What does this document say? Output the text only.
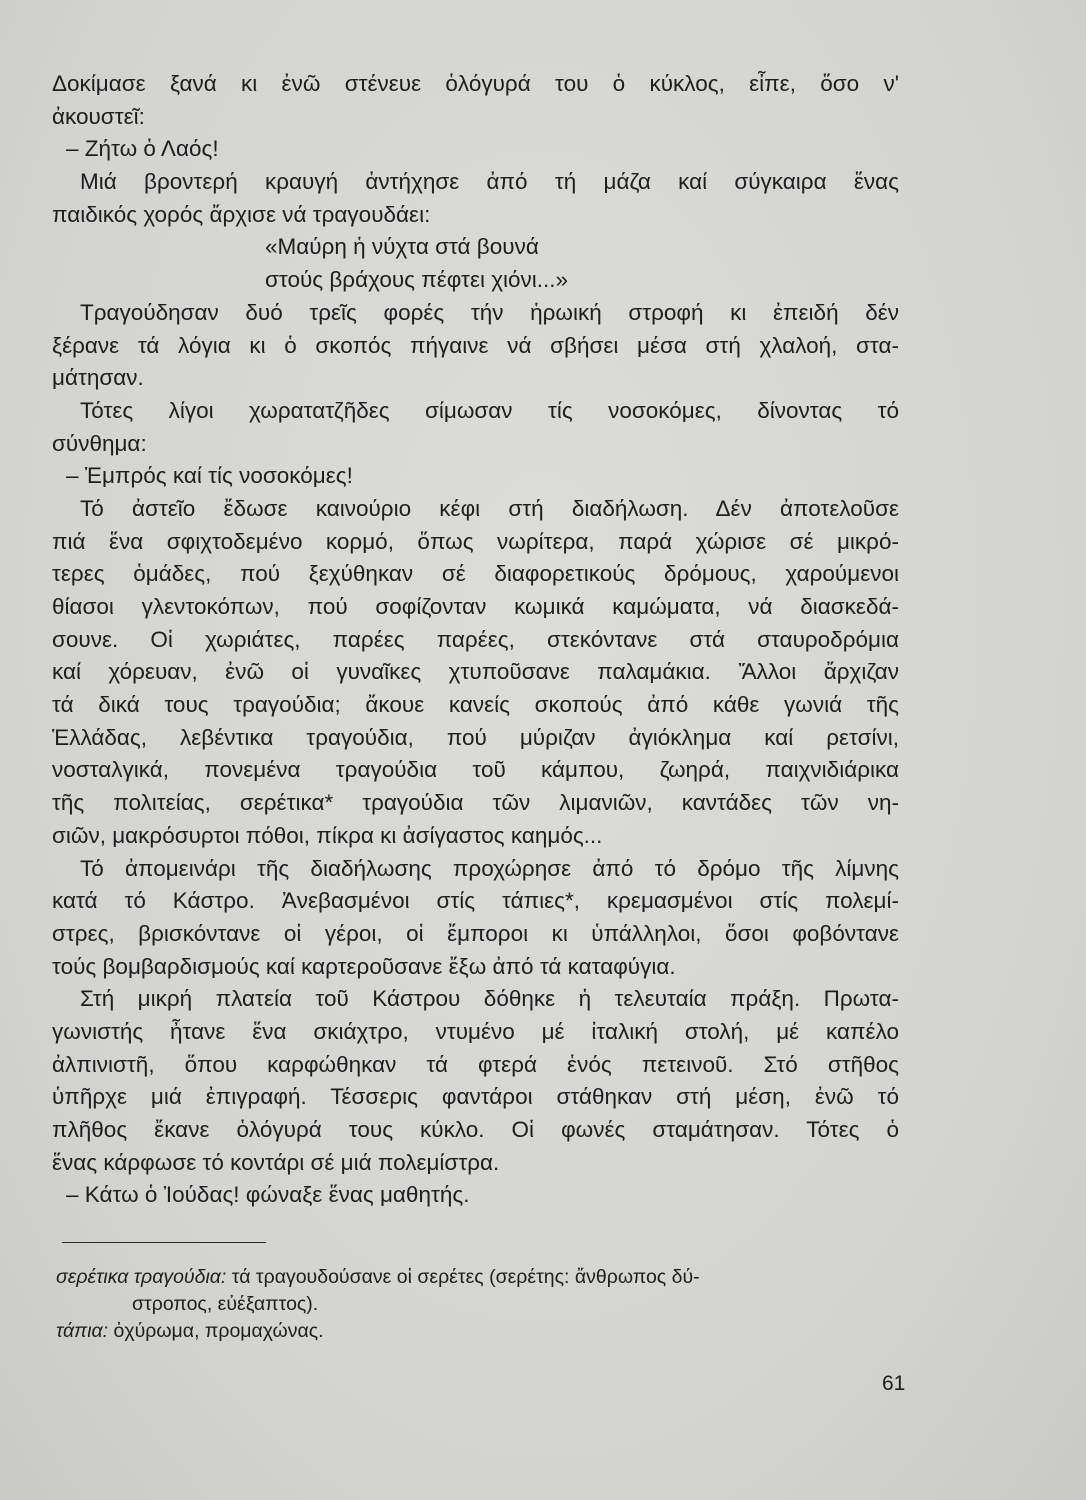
Δοκίμασε ξανά κι ἐνῶ στένευε ὁλόγυρά του ὁ κύκλος, εἶπε, ὅσο ν'
ἀκουστεῖ:
– Ζήτω ὁ Λαός!
Μιά βροντερή κραυγή ἀντήχησε ἀπό τή μάζα καί σύγκαιρα ἕνας
παιδικός χορός ἄρχισε νά τραγουδάει:
«Μαύρη ἡ νύχτα στά βουνά
στούς βράχους πέφτει χιόνι...»
Τραγούδησαν δυό τρεῖς φορές τήν ἡρωική στροφή κι ἐπειδή δέν
ξέρανε τά λόγια κι ὁ σκοπός πήγαινε νά σβήσει μέσα στή χλαλοή, στα-
μάτησαν.
Τότες λίγοι χωρατατζῆδες σίμωσαν τίς νοσοκόμες, δίνοντας τό
σύνθημα:
– Ἐμπρός καί τίς νοσοκόμες!
Τό ἀστεῖο ἔδωσε καινούριο κέφι στή διαδήλωση. Δέν ἀποτελοῦσε
πιά ἕνα σφιχτοδεμένο κορμό, ὅπως νωρίτερα, παρά χώρισε σέ μικρό-
τερες ὁμάδες, πού ξεχύθηκαν σέ διαφορετικούς δρόμους, χαρούμενοι
θίασοι γλεντοκόπων, πού σοφίζονταν κωμικά καμώματα, νά διασκεδά-
σουνε. Οἱ χωριάτες, παρέες παρέες, στεκόντανε στά σταυροδρόμια
καί χόρευαν, ἐνῶ οἱ γυναῖκες χτυποῦσανε παλαμάκια. Ἄλλοι ἄρχιζαν
τά δικά τους τραγούδια; ἄκουε κανείς σκοπούς ἀπό κάθε γωνιά τῆς
Ἑλλάδας, λεβέντικα τραγούδια, πού μύριζαν ἀγιόκλημα καί ρετσίνι,
νοσταλγικά, πονεμένα τραγούδια τοῦ κάμπου, ζωηρά, παιχνιδιάρικα
τῆς πολιτείας, σερέτικα* τραγούδια τῶν λιμανιῶν, καντάδες τῶν νη-
σιῶν, μακρόσυρτοι πόθοι, πίκρα κι ἀσίγαστος καημός...
Τό ἀπομεινάρι τῆς διαδήλωσης προχώρησε ἀπό τό δρόμο τῆς λίμνης
κατά τό Κάστρο. Ἀνεβασμένοι στίς τάπιες*, κρεμασμένοι στίς πολεμί-
στρες, βρισκόντανε οἱ γέροι, οἱ ἔμποροι κι ὑπάλληλοι, ὅσοι φοβόντανε
τούς βομβαρδισμούς καί καρτεροῦσανε ἔξω ἀπό τά καταφύγια.
Στή μικρή πλατεία τοῦ Κάστρου δόθηκε ἡ τελευταία πράξη. Πρωτα-
γωνιστής ἦτανε ἕνα σκιάχτρο, ντυμένο μέ ἰταλική στολή, μέ καπέλο
ἀλπινιστῆ, ὅπου καρφώθηκαν τά φτερά ἑνός πετεινοῦ. Στό στῆθος
ὑπῆρχε μιά ἐπιγραφή. Τέσσερις φαντάροι στάθηκαν στή μέση, ἐνῶ τό
πλῆθος ἔκανε ὁλόγυρά τους κύκλο. Οἱ φωνές σταμάτησαν. Τότες ὁ
ἕνας κάρφωσε τό κοντάρι σέ μιά πολεμίστρα.
– Κάτω ὁ Ἰούδας! φώναξε ἕνας μαθητής.
σερέτικα τραγούδια: τά τραγουδούσανε οἱ σερέτες (σερέτης: ἄνθρωπος δύ-
στροπος, εὐέξαπτος).
τάπια: ὀχύρωμα, προμαχώνας.
61
